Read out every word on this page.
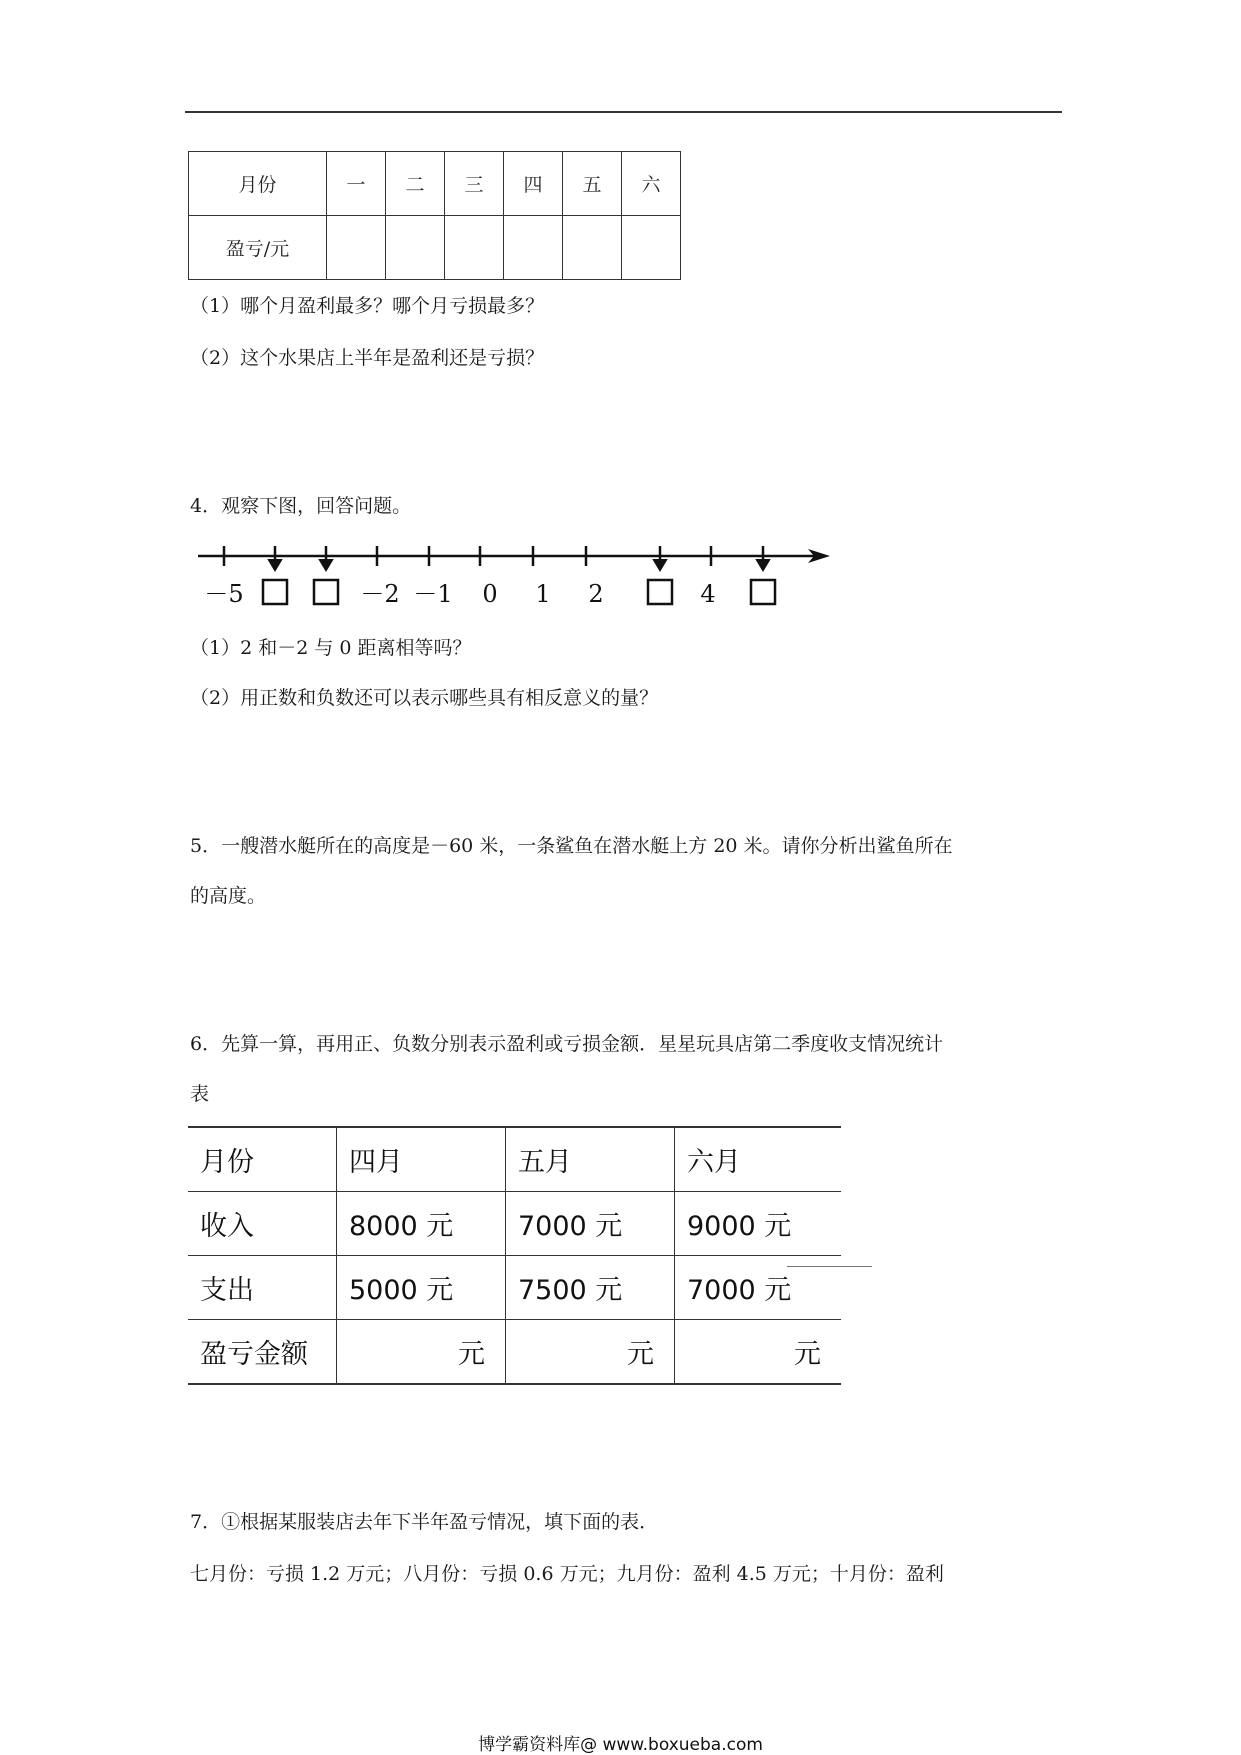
月份	一	二	三	四	五	六
盈亏/元						
（1）哪个月盈利最多？哪个月亏损最多？
（2）这个水果店上半年是盈利还是亏损？
4．观察下图，回答问题。
－5	－2 －1 0 1 2	4
（1）2 和－2 与 0 距离相等吗？
（2）用正数和负数还可以表示哪些具有相反意义的量？
5．一艘潜水艇所在的高度是－60 米，一条鲨鱼在潜水艇上方 20 米。请你分析出鲨鱼所在
的高度。
6．先算一算，再用正、负数分别表示盈利或亏损金额．星星玩具店第二季度收支情况统计
表
月份	四月	五月	六月
收入	8000 元	7000 元	9000 元
支出	5000 元	7500 元	7000 元
盈亏金额	元	元	元
7．①根据某服装店去年下半年盈亏情况，填下面的表．
七月份：亏损 1.2 万元；八月份：亏损 0.6 万元；九月份：盈利 4.5 万元；十月份：盈利
博学霸资料库@ www.boxueba.com
